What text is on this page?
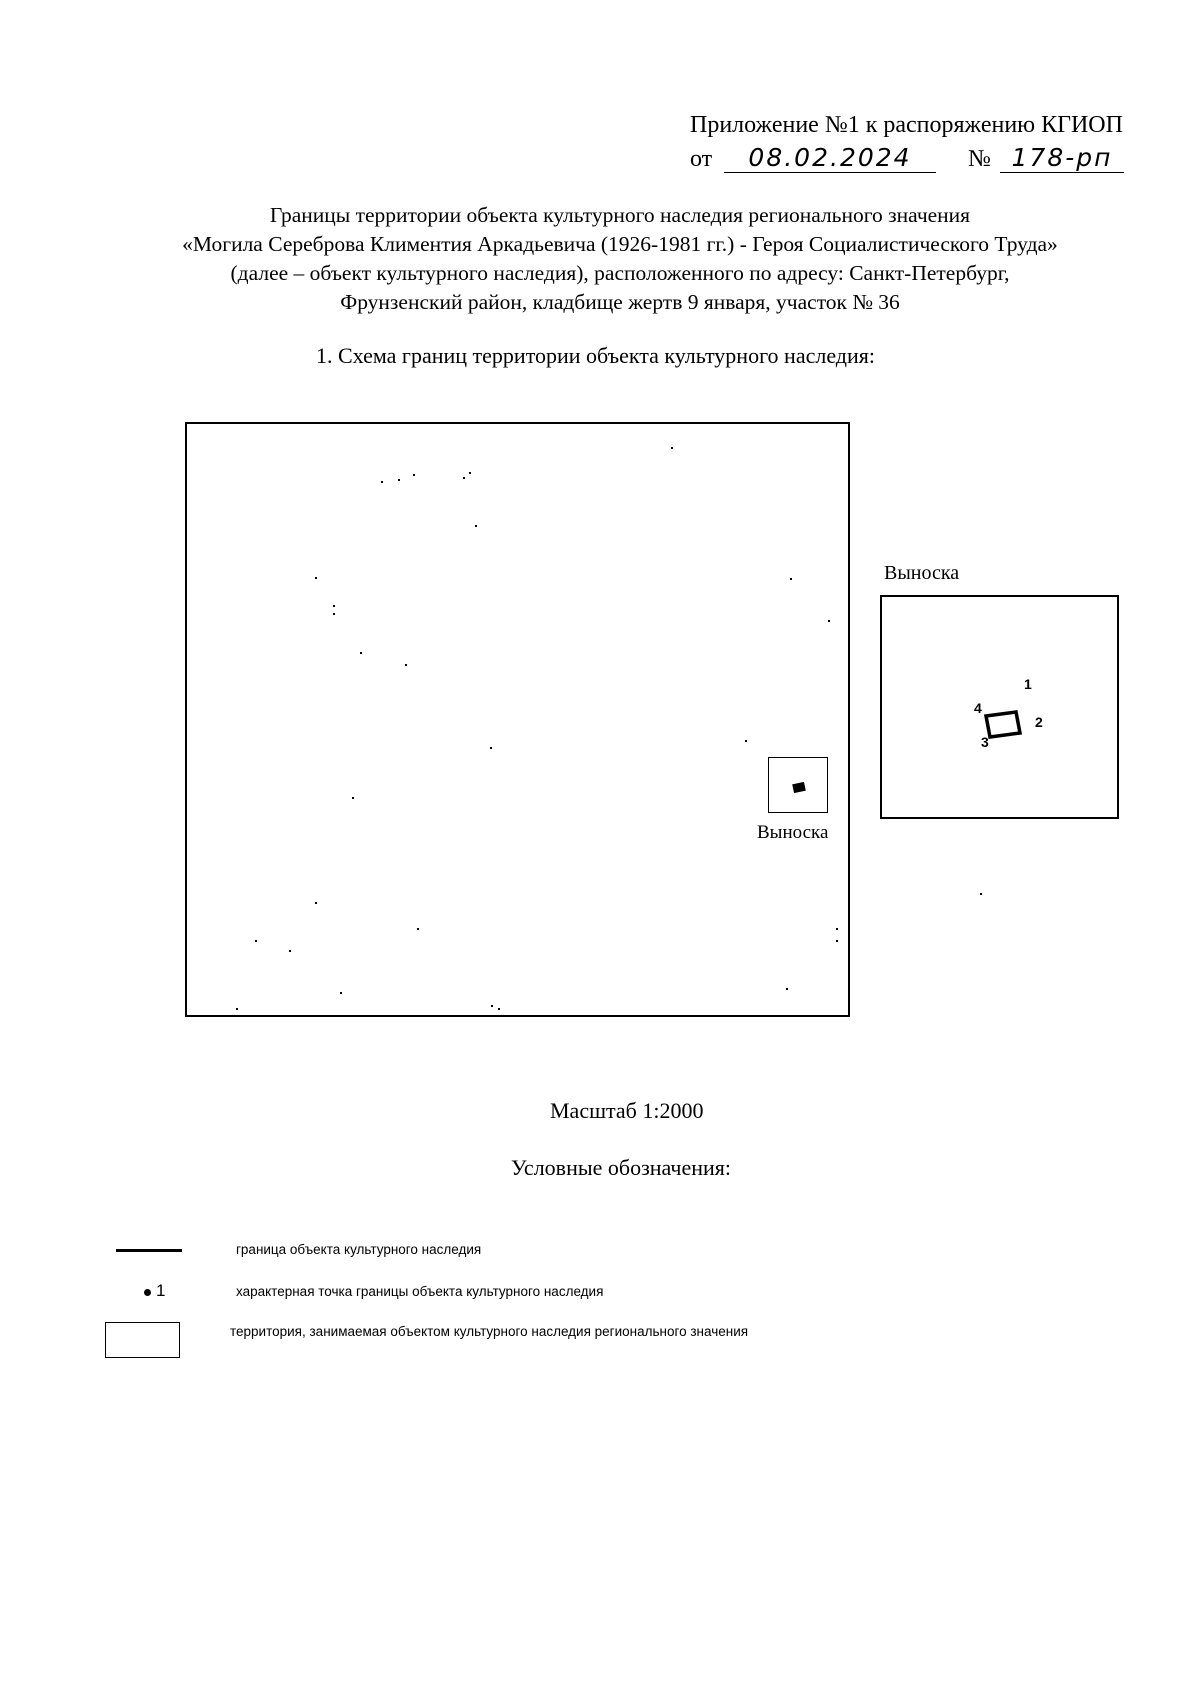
Приложение №1 к распоряжению КГИОП
от	08.02.2024	№ 178-рп
Границы территории объекта культурного наследия регионального значения
«Могила Сереброва Климентия Аркадьевича (1926-1981 гг.) - Героя Социалистического Труда»
(далее – объект культурного наследия), расположенного по адресу: Санкт-Петербург,
Фрунзенский район, кладбище жертв 9 января, участок № 36
1. Схема границ территории объекта культурного наследия:
Выноска
Выноска
1
2
3
4
Масштаб 1:2000
Условные обозначения:
граница объекта культурного наследия
1	характерная точка границы объекта культурного наследия
территория, занимаемая объектом культурного наследия регионального значения
